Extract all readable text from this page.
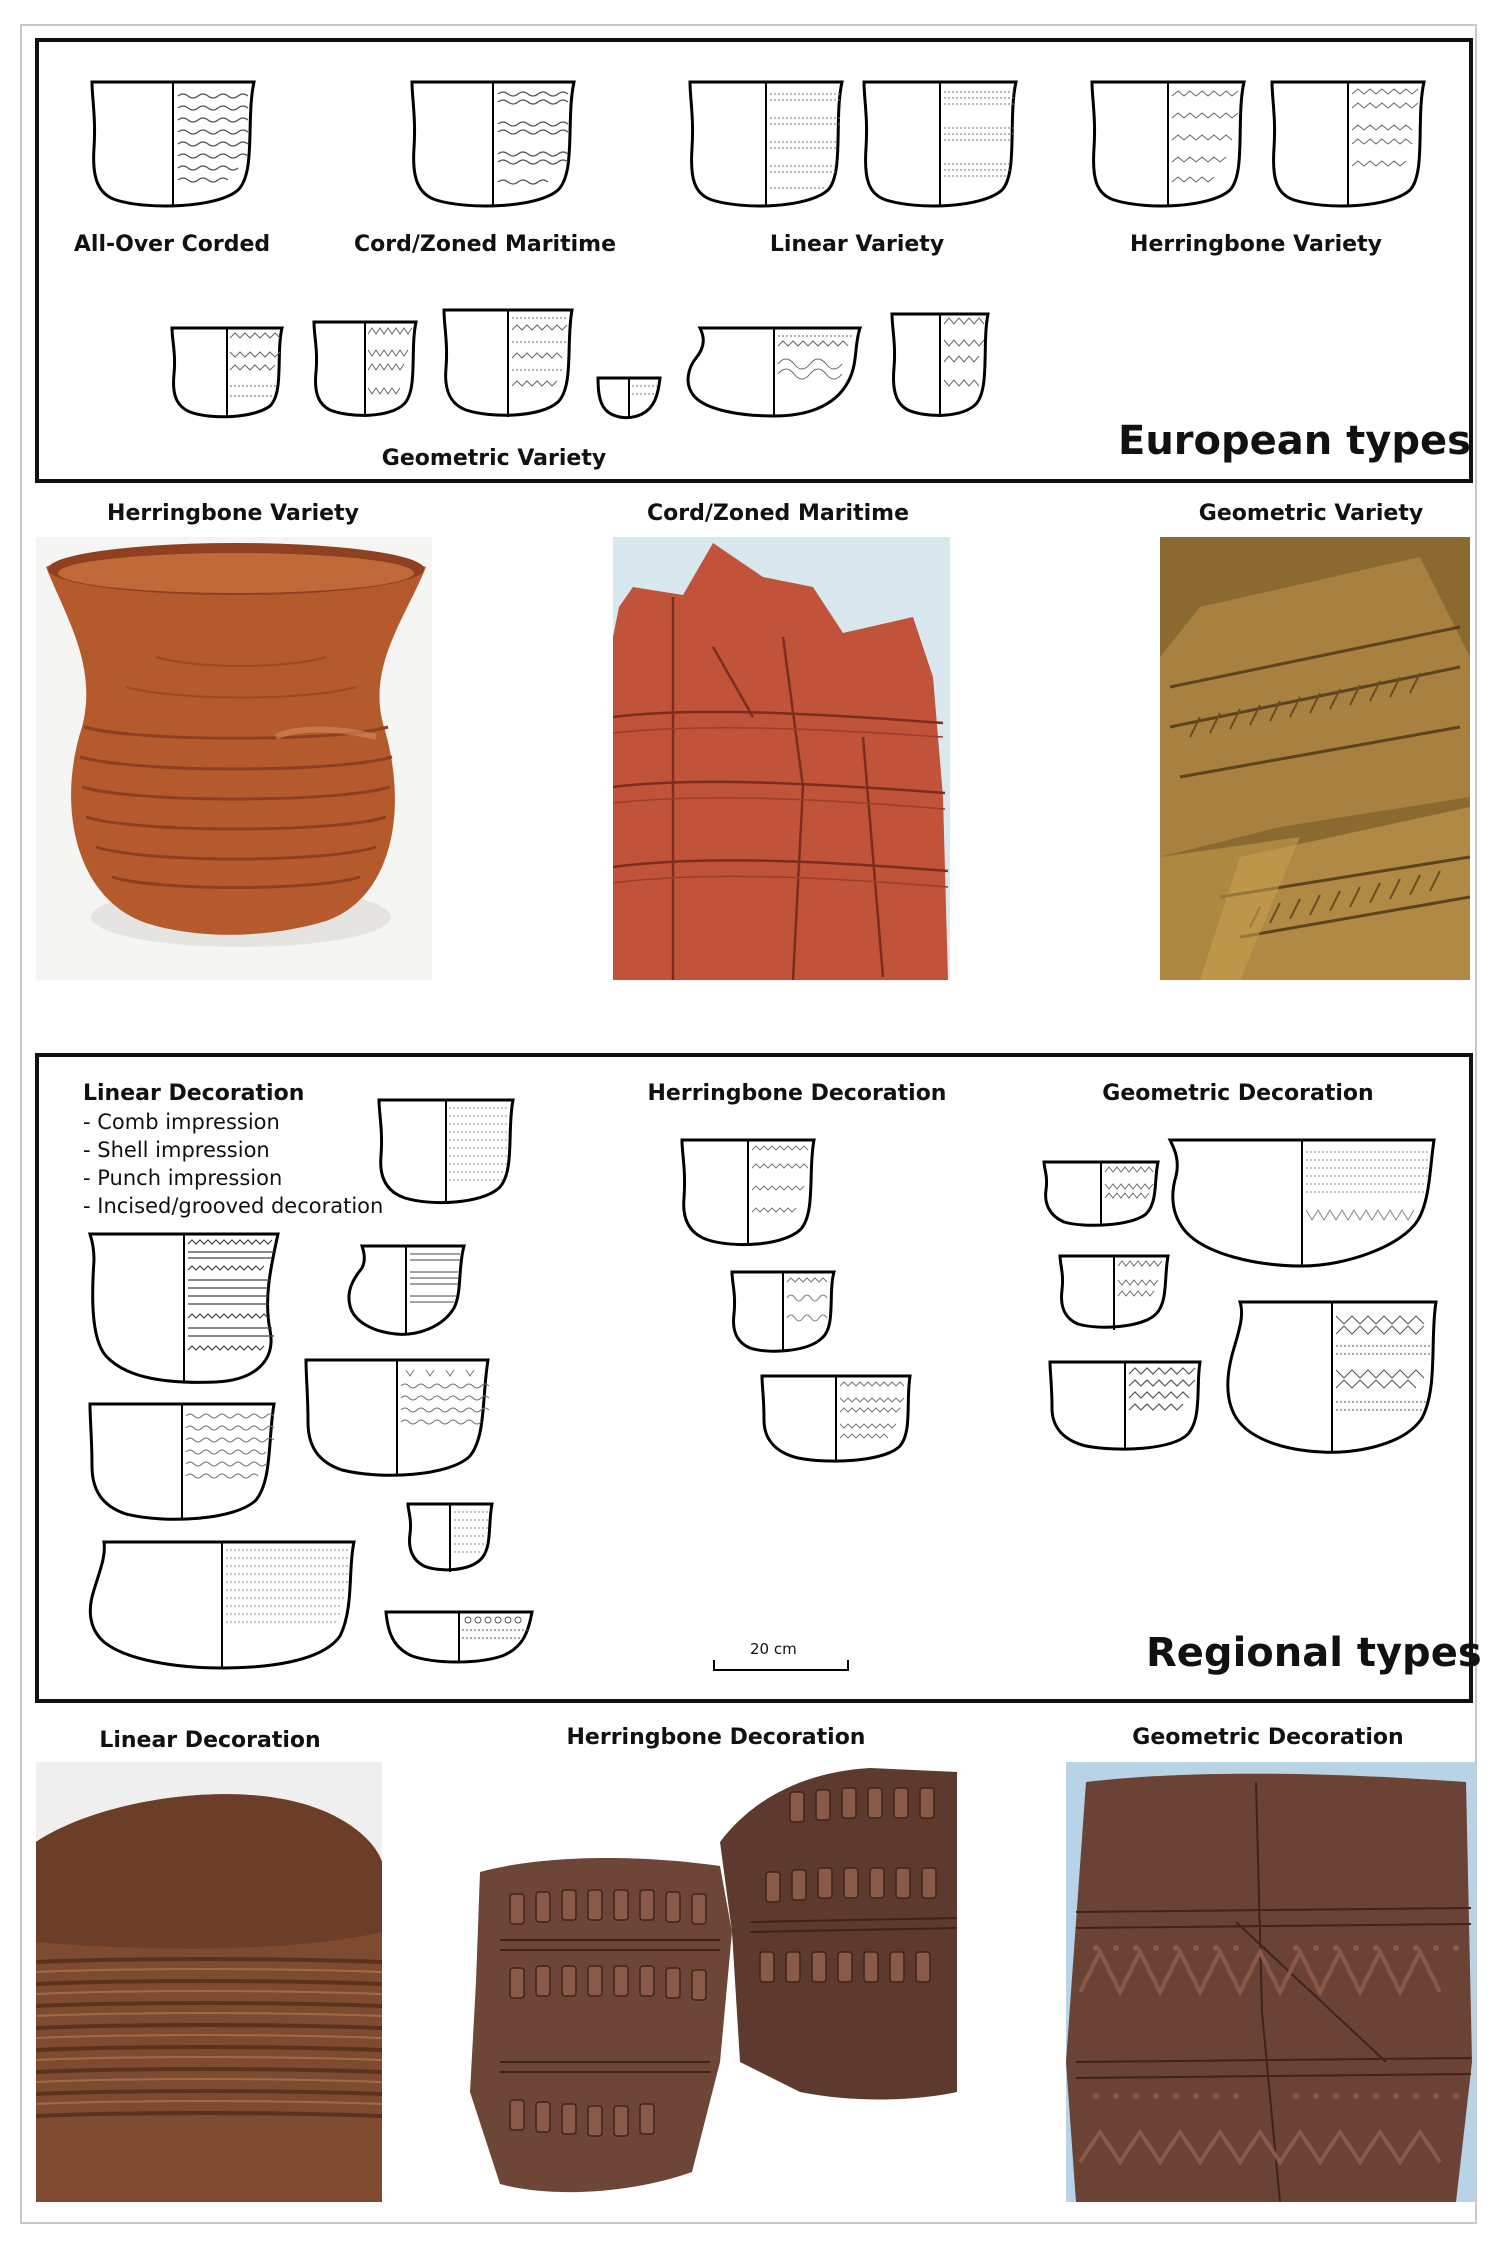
All-Over Corded	Cord/Zoned Maritime	Linear Variety	Herringbone Variety
Geometric Variety	European types
Herringbone Variety	Cord/Zoned Maritime	Geometric Variety
Linear Decoration
- Comb impression
- Shell impression
- Punch impression
- Incised/grooved decoration
Herringbone Decoration	Geometric Decoration
20 cm	Regional types
Linear Decoration	Herringbone Decoration	Geometric Decoration
